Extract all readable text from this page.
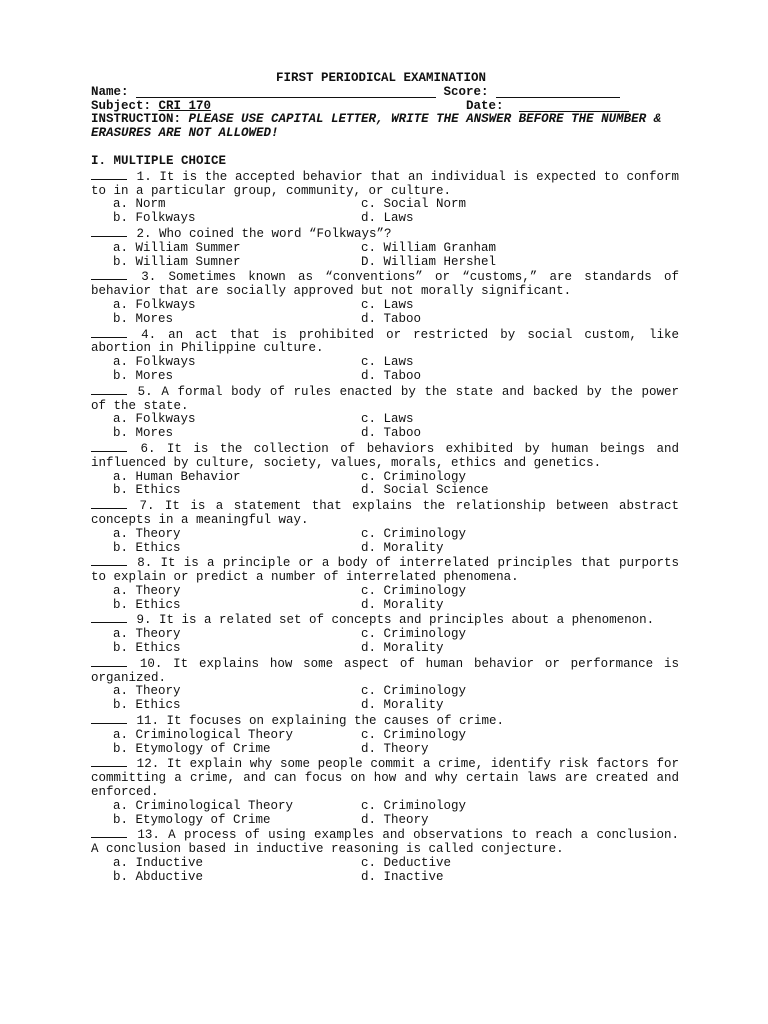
FIRST PERIODICAL EXAMINATION
Name:

	Score:

Subject:
CRI 170
	Date:

INSTRUCTION: PLEASE USE CAPITAL LETTER, WRITE THE ANSWER BEFORE THE NUMBER & ERASURES ARE NOT ALLOWED!
I. MULTIPLE CHOICE
1. It is the accepted behavior that an individual is expected to conform to in a particular group, community, or culture.
a. Norm	c. Social Norm
b. Folkways	d. Laws
2. Who coined the word “Folkways”?
a. William Summer	c. William Granham
b. William Sumner	D. William Hershel
3. Sometimes known as “conventions” or “customs,” are standards of behavior that are socially approved but not morally significant.
a. Folkways	c. Laws
b. Mores	d. Taboo
4. an act that is prohibited or restricted by social custom, like abortion in Philippine culture.
a. Folkways	c. Laws
b. Mores	d. Taboo
5. A formal body of rules enacted by the state and backed by the power of the state.
a. Folkways	c. Laws
b. Mores	d. Taboo
6. It is the collection of behaviors exhibited by human beings and influenced by culture, society, values, morals, ethics and genetics.
a. Human Behavior	c. Criminology
b. Ethics	d. Social Science
7. It is a statement that explains the relationship between abstract concepts in a meaningful way.
a. Theory	c. Criminology
b. Ethics	d. Morality
8. It is a principle or a body of interrelated principles that purports to explain or predict a number of interrelated phenomena.
a. Theory	c. Criminology
b. Ethics	d. Morality
9. It is a related set of concepts and principles about a phenomenon.
a. Theory	c. Criminology
b. Ethics	d. Morality
10. It explains how some aspect of human behavior or performance is organized.
a. Theory	c. Criminology
b. Ethics	d. Morality
11. It focuses on explaining the causes of crime.
a. Criminological Theory	c. Criminology
b. Etymology of Crime	d. Theory
12. It explain why some people commit a crime, identify risk factors for committing a crime, and can focus on how and why certain laws are created and enforced.
a. Criminological Theory	c. Criminology
b. Etymology of Crime	d. Theory
13. A process of using examples and observations to reach a conclusion. A conclusion based in inductive reasoning is called conjecture.
a. Inductive	c. Deductive
b. Abductive	d. Inactive
